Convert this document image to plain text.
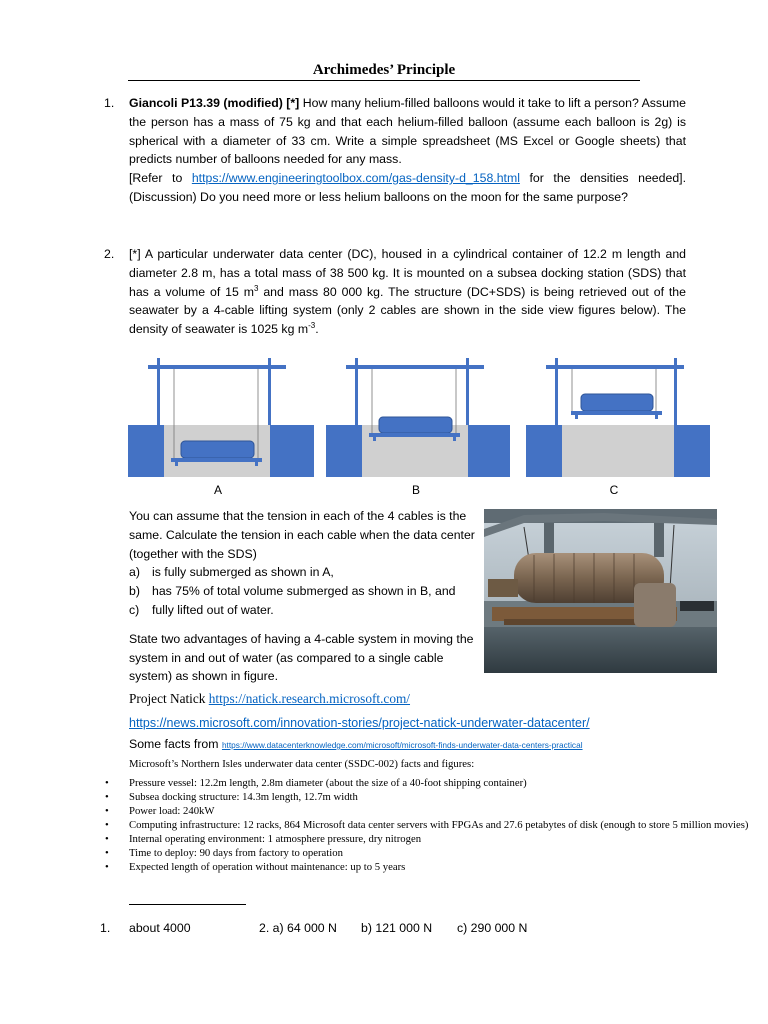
Archimedes’ Principle
1.	Giancoli P13.39 (modified) [*] How many helium-filled balloons would it take to lift a person? Assume the person has a mass of 75 kg and that each helium-filled balloon (assume each balloon is 2g) is spherical with a diameter of 33 cm. Write a simple spreadsheet (MS Excel or Google sheets) that predicts number of balloons needed for any mass.

[Refer to https://www.engineeringtoolbox.com/gas-density-d_158.html for the densities needed]. (Discussion) Do you need more or less helium balloons on the moon for the same purpose?

2.	[*] A particular underwater data center (DC), housed in a cylindrical container of 12.2 m length and diameter 2.8 m, has a total mass of 38 500 kg. It is mounted on a subsea docking station (SDS) that has a volume of 15 $m^3$ and mass 80 000 kg. The structure (DC+SDS) is being retrieved out of the seawater by a 4-cable lifting system (only 2 cables are shown in the side view figures below). The density of seawater is 1025 kg $m^{-3}$.

A	B	C

You can assume that the tension in each of the 4 cables is the same. Calculate the tension in each cable when the data center (together with the SDS)

a) is fully submerged as shown in A,
b) has 75% of total volume submerged as shown in B, and
c)	fully lifted out of water.

State two advantages of having a 4-cable system in moving the system in and out of water (as compared to a single cable system) as shown in figure.

Project Natick https://natick.research.microsoft.com/
https://news.microsoft.com/innovation-stories/project-natick-underwater-datacenter/
Some facts from https://www.datacenterknowledge.com/microsoft/microsoft-finds-underwater-data-centers-practical
Microsoft’s Northern Isles underwater data center (SSDC-002) facts and figures:
• Pressure vessel: 12.2m length, 2.8m diameter (about the size of a 40-foot shipping container)
• Subsea docking structure: 14.3m length, 12.7m width
• Power load: 240kW
• Computing infrastructure: 12 racks, 864 Microsoft data center servers with FPGAs and 27.6 petabytes of disk (enough to store 5 million movies)
• Internal operating environment: 1 atmosphere pressure, dry nitrogen
• Time to deploy: 90 days from factory to operation
• Expected length of operation without maintenance: up to 5 years
1. about 4000	2. a) 64 000 N b) 121 000 N c) 290 000 N
